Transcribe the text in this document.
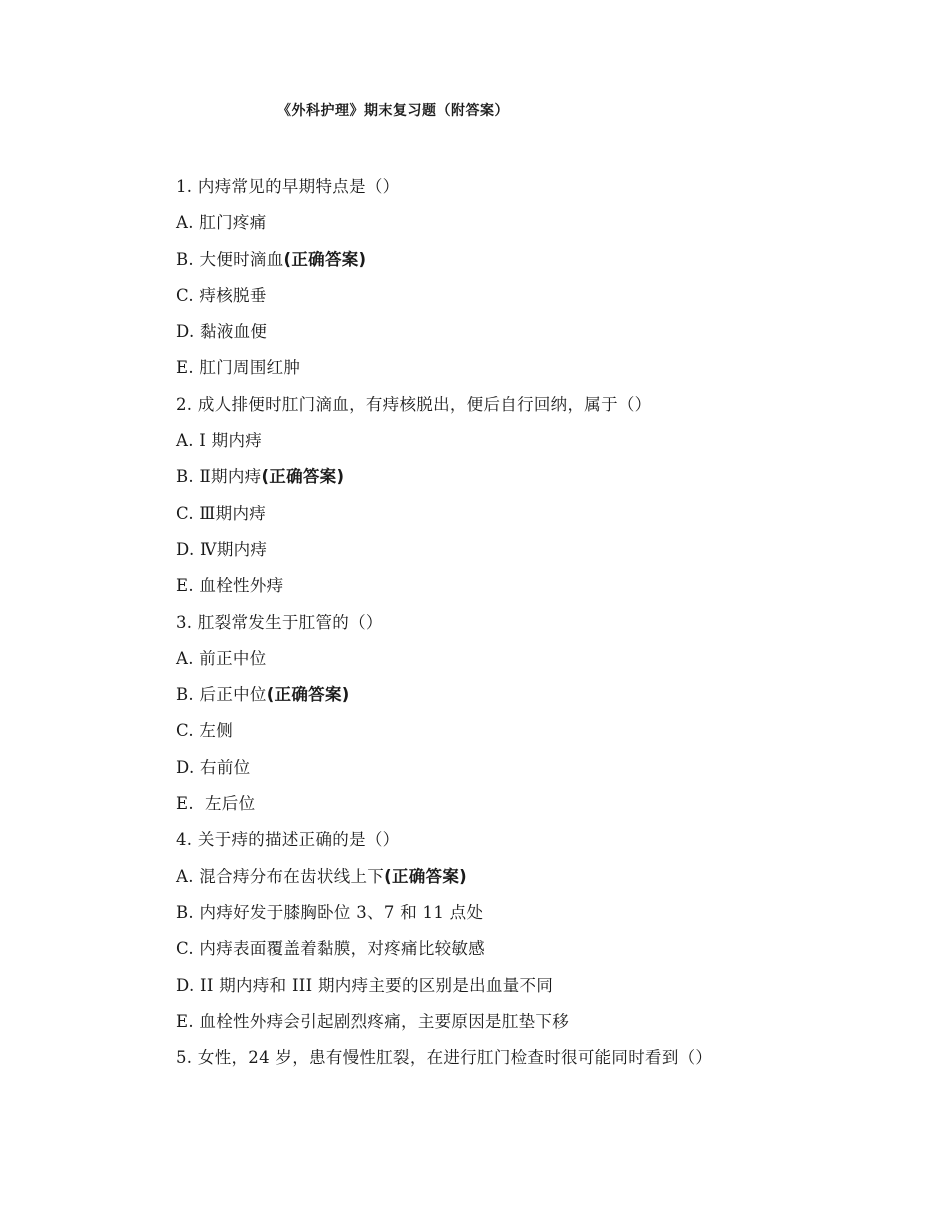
《外科护理》期末复习题（附答案）
1. 内痔常见的早期特点是（）
A. 肛门疼痛
B. 大便时滴血(正确答案)
C. 痔核脱垂
D. 黏液血便
E. 肛门周围红肿
2. 成人排便时肛门滴血，有痔核脱出，便后自行回纳，属于（）
A. I 期内痔
B. Ⅱ期内痔(正确答案)
C. Ⅲ期内痔
D. Ⅳ期内痔
E. 血栓性外痔
3. 肛裂常发生于肛管的（）
A. 前正中位
B. 后正中位(正确答案)
C. 左侧
D. 右前位
E.  左后位
4. 关于痔的描述正确的是（）
A. 混合痔分布在齿状线上下(正确答案)
B. 内痔好发于膝胸卧位 3、7 和 11 点处
C. 内痔表面覆盖着黏膜，对疼痛比较敏感
D. II 期内痔和 III 期内痔主要的区别是出血量不同
E. 血栓性外痔会引起剧烈疼痛，主要原因是肛垫下移
5. 女性，24 岁，患有慢性肛裂，在进行肛门检查时很可能同时看到（）
